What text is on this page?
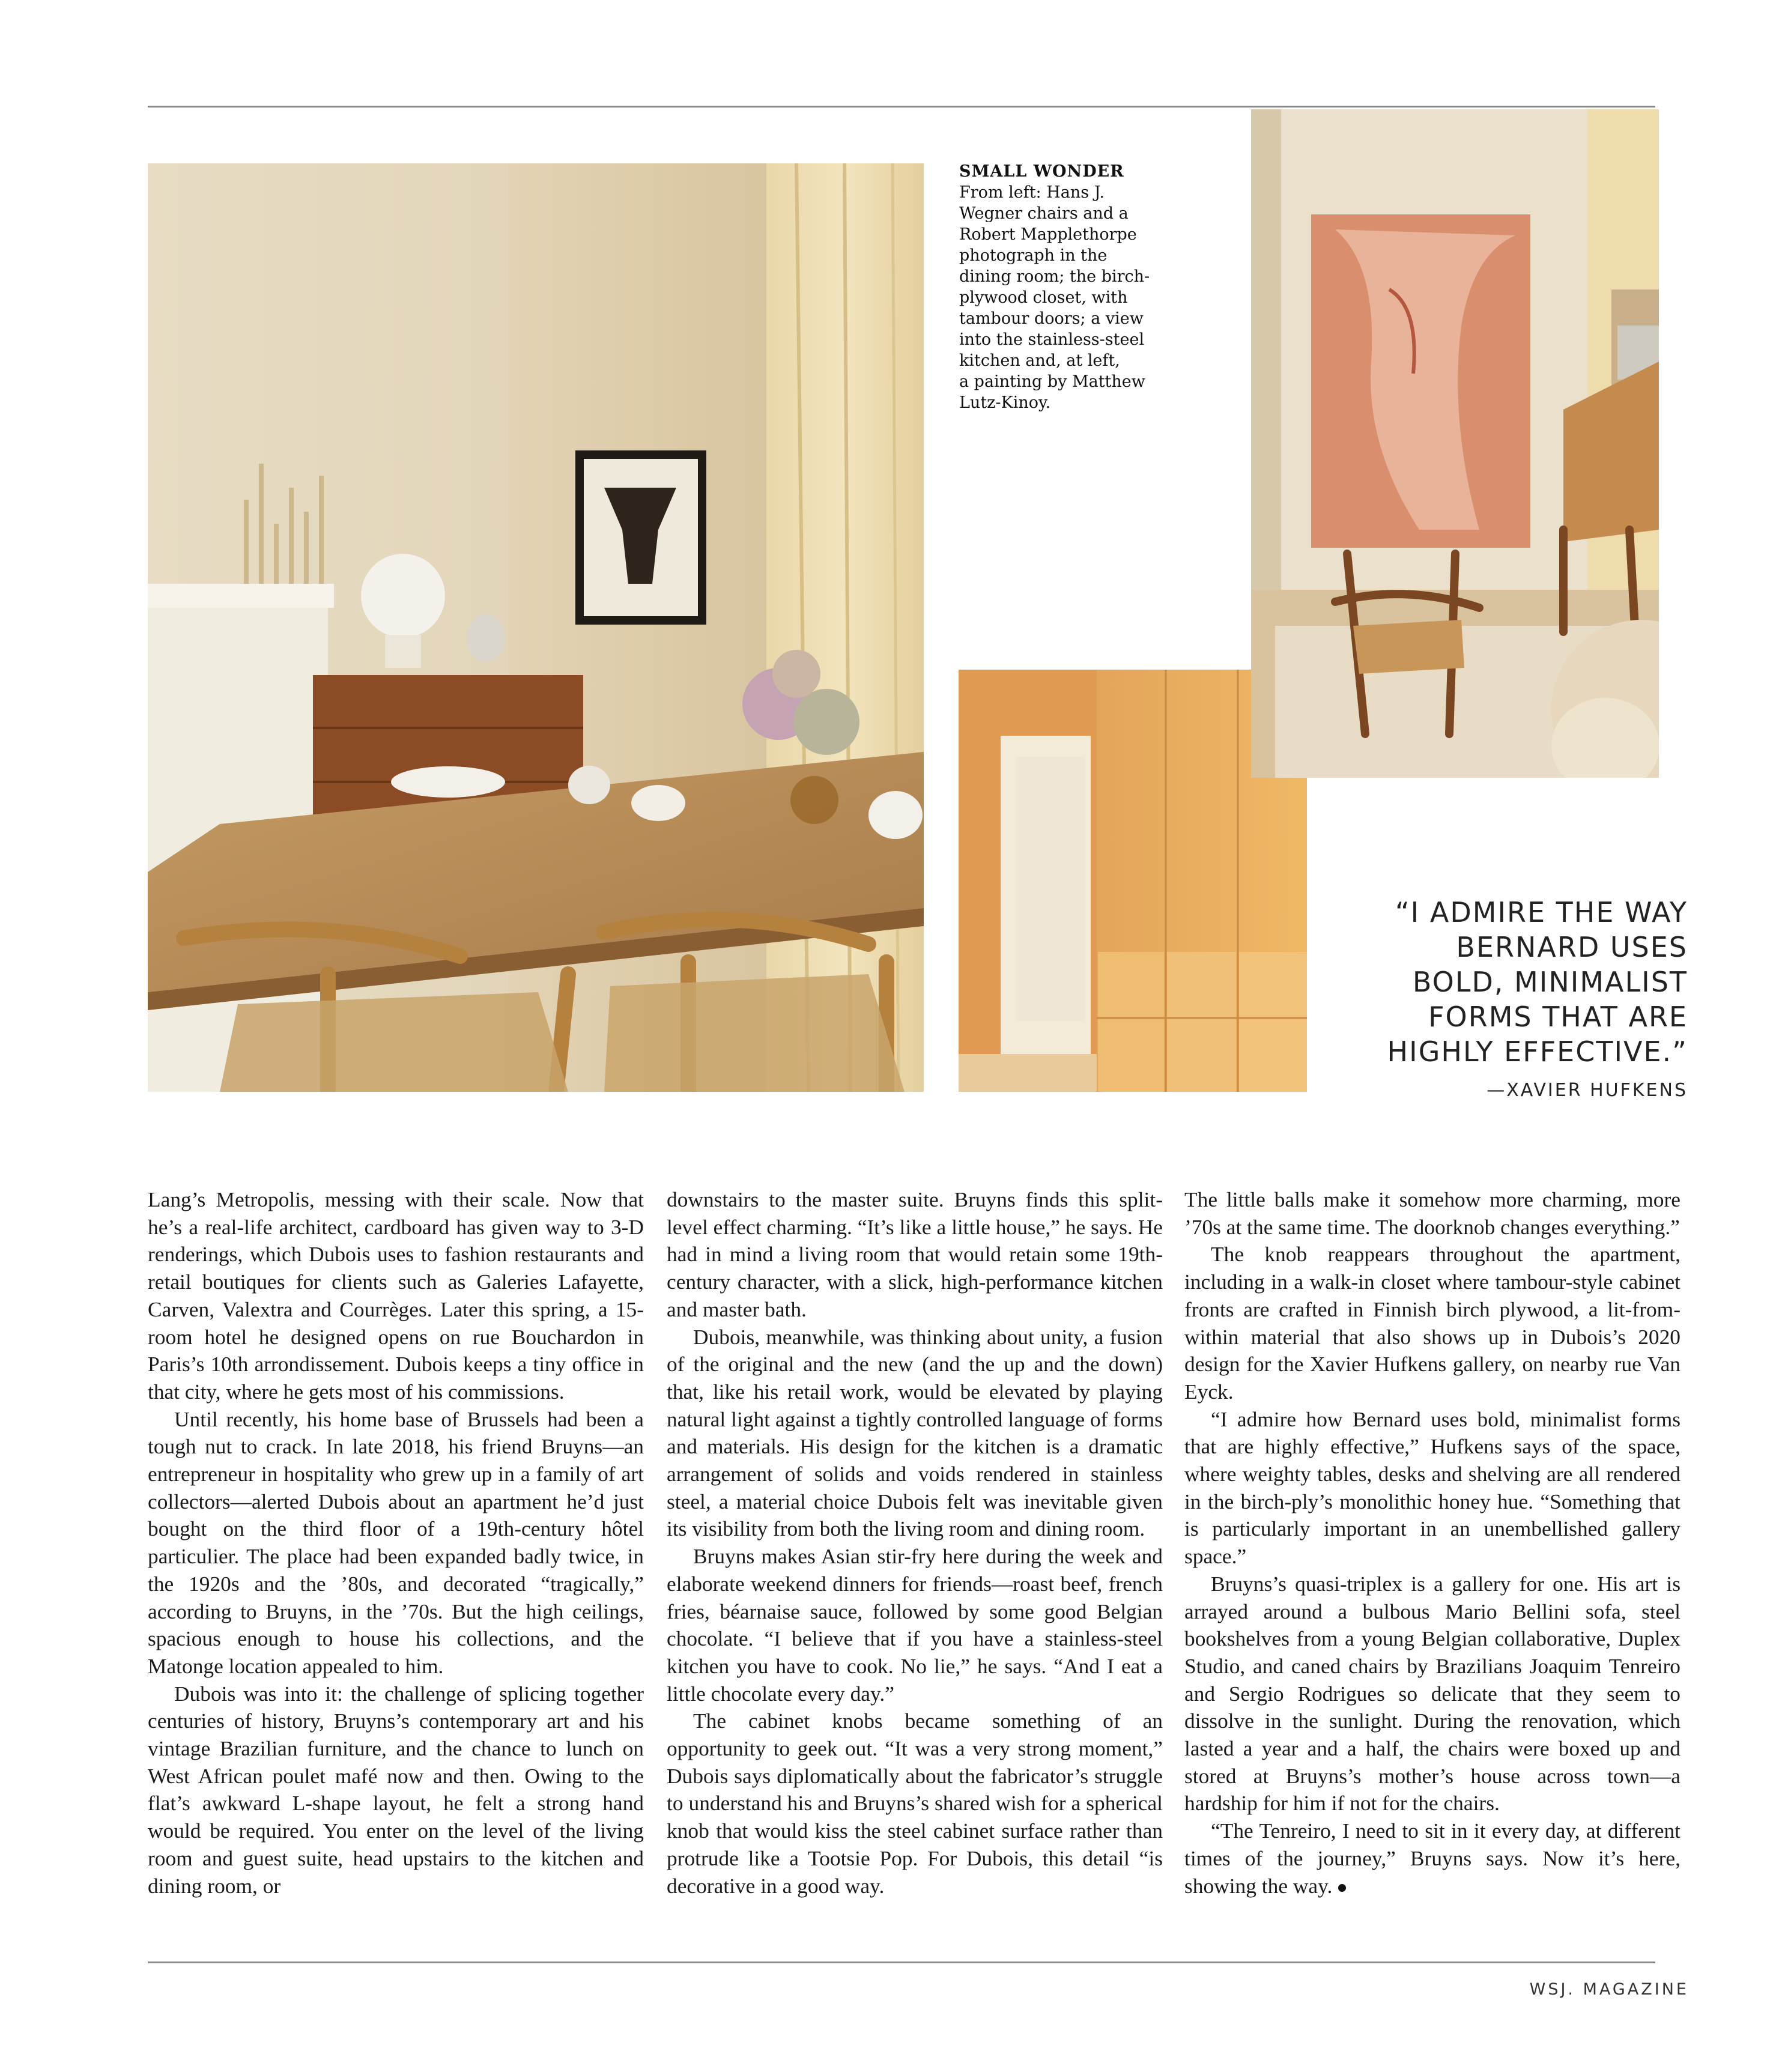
SMALL WONDER
From left: Hans J.
Wegner chairs and a
Robert Mapplethorpe
photograph in the
dining room; the birch-
plywood closet, with
tambour doors; a view
into the stainless-steel
kitchen and, at left,
a painting by Matthew
Lutz-Kinoy.
“I ADMIRE THE WAY
BERNARD USES
BOLD, MINIMALIST
FORMS THAT ARE
HIGHLY EFFECTIVE.”
—XAVIER HUFKENS

Lang’s Metropolis, messing with their scale. Now that he’s a real-life architect, cardboard has given way to 3-D renderings, which Dubois uses to fashion restaurants and retail boutiques for clients such as Galeries Lafayette, Carven, Valextra and Courrèges. Later this spring, a 15-room hotel he designed opens on rue Bouchardon in Paris’s 10th arrondissement. Dubois keeps a tiny office in that city, where he gets most of his commissions.

Until recently, his home base of Brussels had been a tough nut to crack. In late 2018, his friend Bruyns—an entrepreneur in hospitality who grew up in a family of art collectors—alerted Dubois about an apartment he’d just bought on the third floor of a 19th-century hôtel particulier. The place had been expanded badly twice, in the 1920s and the ’80s, and decorated “tragically,” according to Bruyns, in the ’70s. But the high ceilings, spacious enough to house his collections, and the Matonge location appealed to him.

Dubois was into it: the challenge of splicing together centuries of history, Bruyns’s contemporary art and his vintage Brazilian furniture, and the chance to lunch on West African poulet mafé now and then. Owing to the flat’s awkward L-shape layout, he felt a strong hand would be required. You enter on the level of the living room and guest suite, head upstairs to the kitchen and dining room, or

downstairs to the master suite. Bruyns finds this split-level effect charming. “It’s like a little house,” he says. He had in mind a living room that would retain some 19th-century character, with a slick, high-performance kitchen and master bath.

Dubois, meanwhile, was thinking about unity, a fusion of the original and the new (and the up and the down) that, like his retail work, would be elevated by playing natural light against a tightly controlled language of forms and materials. His design for the kitchen is a dramatic arrangement of solids and voids rendered in stainless steel, a material choice Dubois felt was inevitable given its visibility from both the living room and dining room.

Bruyns makes Asian stir-fry here during the week and elaborate weekend dinners for friends—roast beef, french fries, béarnaise sauce, followed by some good Belgian chocolate. “I believe that if you have a stainless-steel kitchen you have to cook. No lie,” he says. “And I eat a little chocolate every day.”

The cabinet knobs became something of an opportunity to geek out. “It was a very strong moment,” Dubois says diplomatically about the fabricator’s struggle to understand his and Bruyns’s shared wish for a spherical knob that would kiss the steel cabinet surface rather than protrude like a Tootsie Pop. For Dubois, this detail “is decorative in a good way.

The little balls make it somehow more charming, more ’70s at the same time. The doorknob changes everything.”

The knob reappears throughout the apartment, including in a walk-in closet where tambour-style cabinet fronts are crafted in Finnish birch plywood, a lit-from-within material that also shows up in Dubois’s 2020 design for the Xavier Hufkens gallery, on nearby rue Van Eyck.

“I admire how Bernard uses bold, minimalist forms that are highly effective,” Hufkens says of the space, where weighty tables, desks and shelving are all rendered in the birch-ply’s monolithic honey hue. “Something that is particularly important in an unembellished gallery space.”

Bruyns’s quasi-triplex is a gallery for one. His art is arrayed around a bulbous Mario Bellini sofa, steel bookshelves from a young Belgian collaborative, Duplex Studio, and caned chairs by Brazilians Joaquim Tenreiro and Sergio Rodrigues so delicate that they seem to dissolve in the sunlight. During the renovation, which lasted a year and a half, the chairs were boxed up and stored at Bruyns’s mother’s house across town—a hardship for him if not for the chairs.

“The Tenreiro, I need to sit in it every day, at different times of the journey,” Bruyns says. Now it’s here, showing the way.

WSJ. MAGAZINE
